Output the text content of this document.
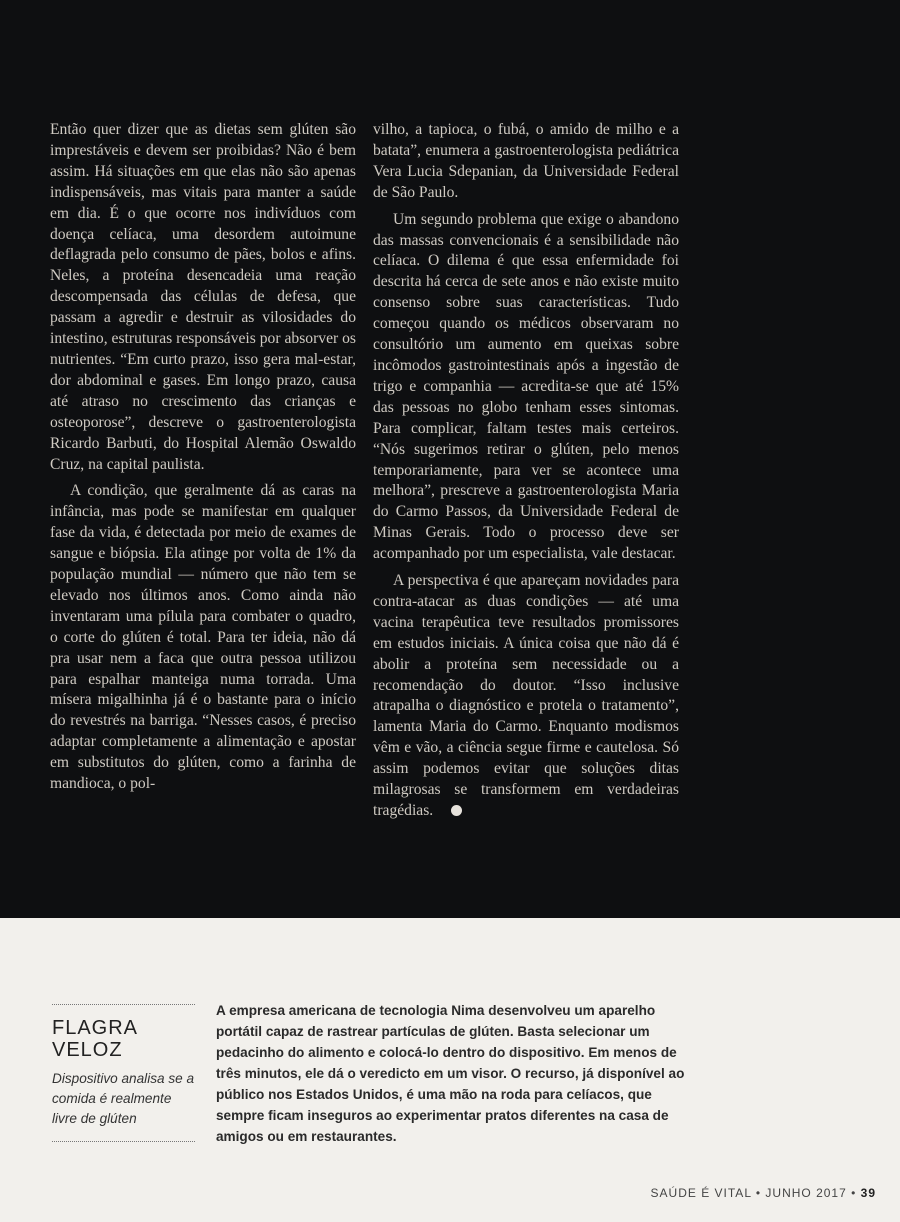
Então quer dizer que as dietas sem glúten são imprestáveis e devem ser proibidas? Não é bem assim. Há situações em que elas não são apenas indispensáveis, mas vitais para manter a saúde em dia. É o que ocorre nos indivíduos com doença celíaca, uma desordem autoimune deflagrada pelo consumo de pães, bolos e afins. Neles, a proteína desencadeia uma reação descompensada das células de defesa, que passam a agredir e destruir as vilosidades do intestino, estruturas responsáveis por absorver os nutrientes. “Em curto prazo, isso gera mal-estar, dor abdominal e gases. Em longo prazo, causa até atraso no crescimento das crianças e osteoporose”, descreve o gastroenterologista Ricardo Barbuti, do Hospital Alemão Oswaldo Cruz, na capital paulista.

A condição, que geralmente dá as caras na infância, mas pode se manifestar em qualquer fase da vida, é detectada por meio de exames de sangue e biópsia. Ela atinge por volta de 1% da população mundial — número que não tem se elevado nos últimos anos. Como ainda não inventaram uma pílula para combater o quadro, o corte do glúten é total. Para ter ideia, não dá pra usar nem a faca que outra pessoa utilizou para espalhar manteiga numa torrada. Uma mísera migalhinha já é o bastante para o início do revestrés na barriga. “Nesses casos, é preciso adaptar completamente a alimentação e apostar em substitutos do glúten, como a farinha de mandioca, o pol-

vilho, a tapioca, o fubá, o amido de milho e a batata”, enumera a gastroenterologista pediátrica Vera Lucia Sdepanian, da Universidade Federal de São Paulo.

Um segundo problema que exige o abandono das massas convencionais é a sensibilidade não celíaca. O dilema é que essa enfermidade foi descrita há cerca de sete anos e não existe muito consenso sobre suas características. Tudo começou quando os médicos observaram no consultório um aumento em queixas sobre incômodos gastrointestinais após a ingestão de trigo e companhia — acredita-se que até 15% das pessoas no globo tenham esses sintomas. Para complicar, faltam testes mais certeiros. “Nós sugerimos retirar o glúten, pelo menos temporariamente, para ver se acontece uma melhora”, prescreve a gastroenterologista Maria do Carmo Passos, da Universidade Federal de Minas Gerais. Todo o processo deve ser acompanhado por um especialista, vale destacar.

A perspectiva é que apareçam novidades para contra-atacar as duas condições — até uma vacina terapêutica teve resultados promissores em estudos iniciais. A única coisa que não dá é abolir a proteína sem necessidade ou a recomendação do doutor. “Isso inclusive atrapalha o diagnóstico e protela o tratamento”, lamenta Maria do Carmo. Enquanto modismos vêm e vão, a ciência segue firme e cautelosa. Só assim podemos evitar que soluções ditas milagrosas se transformem em verdadeiras tragédias.

FLAGRA VELOZ
Dispositivo analisa se a comida é realmente livre de glúten
A empresa americana de tecnologia Nima desenvolveu um aparelho portátil capaz de rastrear partículas de glúten. Basta selecionar um pedacinho do alimento e colocá-lo dentro do dispositivo. Em menos de três minutos, ele dá o veredicto em um visor. O recurso, já disponível ao público nos Estados Unidos, é uma mão na roda para celíacos, que sempre ficam inseguros ao experimentar pratos diferentes na casa de amigos ou em restaurantes.
SAÚDE É VITAL • JUNHO 2017 • 39
